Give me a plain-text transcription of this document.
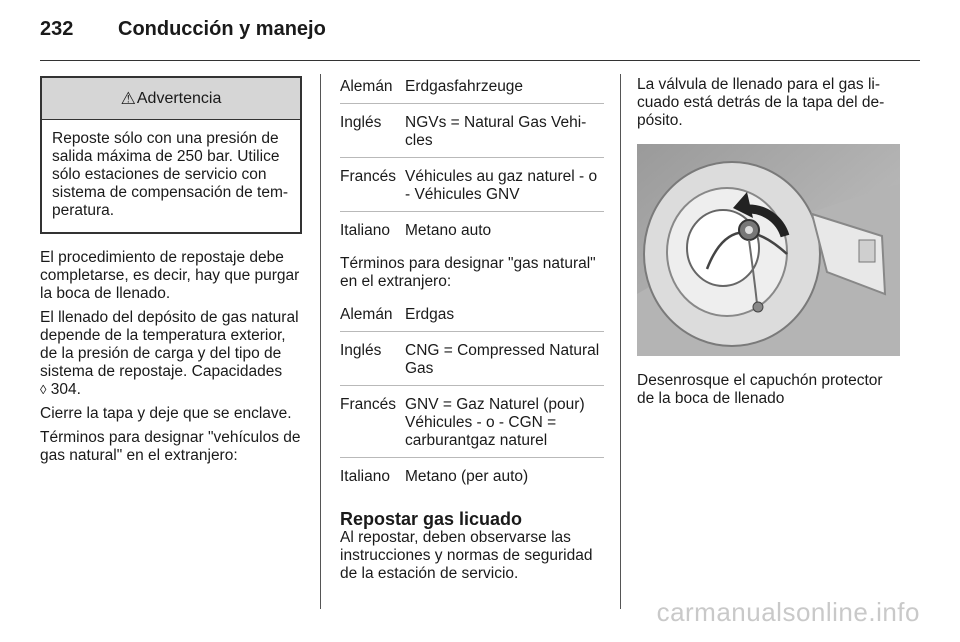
232 Conducción y manejo
⚠ Advertencia
Reposte sólo con una presión de salida máxima de 250 bar. Utilice sólo estaciones de servicio con sistema de compensación de tem-peratura.

El procedimiento de repostaje debe completarse, es decir, hay que purgar la boca de llenado.

El llenado del depósito de gas natural depende de la temperatura exterior, de la presión de carga y del tipo de sistema de repostaje. Capacidades
◊ 304.

Cierre la tapa y deje que se enclave.

Términos para designar "vehículos de gas natural" en el extranjero:

Alemán Erdgasfahrzeuge
Inglés	NGVs = Natural Gas Vehi-cles
Francés Véhicules au gaz naturel - o - Véhicules GNV
Italiano Metano auto

Términos para designar "gas natural" en el extranjero:

Alemán Erdgas
Inglés	CNG = Compressed Natural Gas
Francés GNV = Gaz Naturel (pour) Véhicules - o - CGN = carburantgaz naturel
Italiano Metano (per auto)
Repostar gas licuado

Al repostar, deben observarse las instrucciones y normas de seguridad de la estación de servicio.

La válvula de llenado para el gas li-cuado está detrás de la tapa del de-pósito.

Desenrosque el capuchón protector de la boca de llenado

carmanualsonline.info
